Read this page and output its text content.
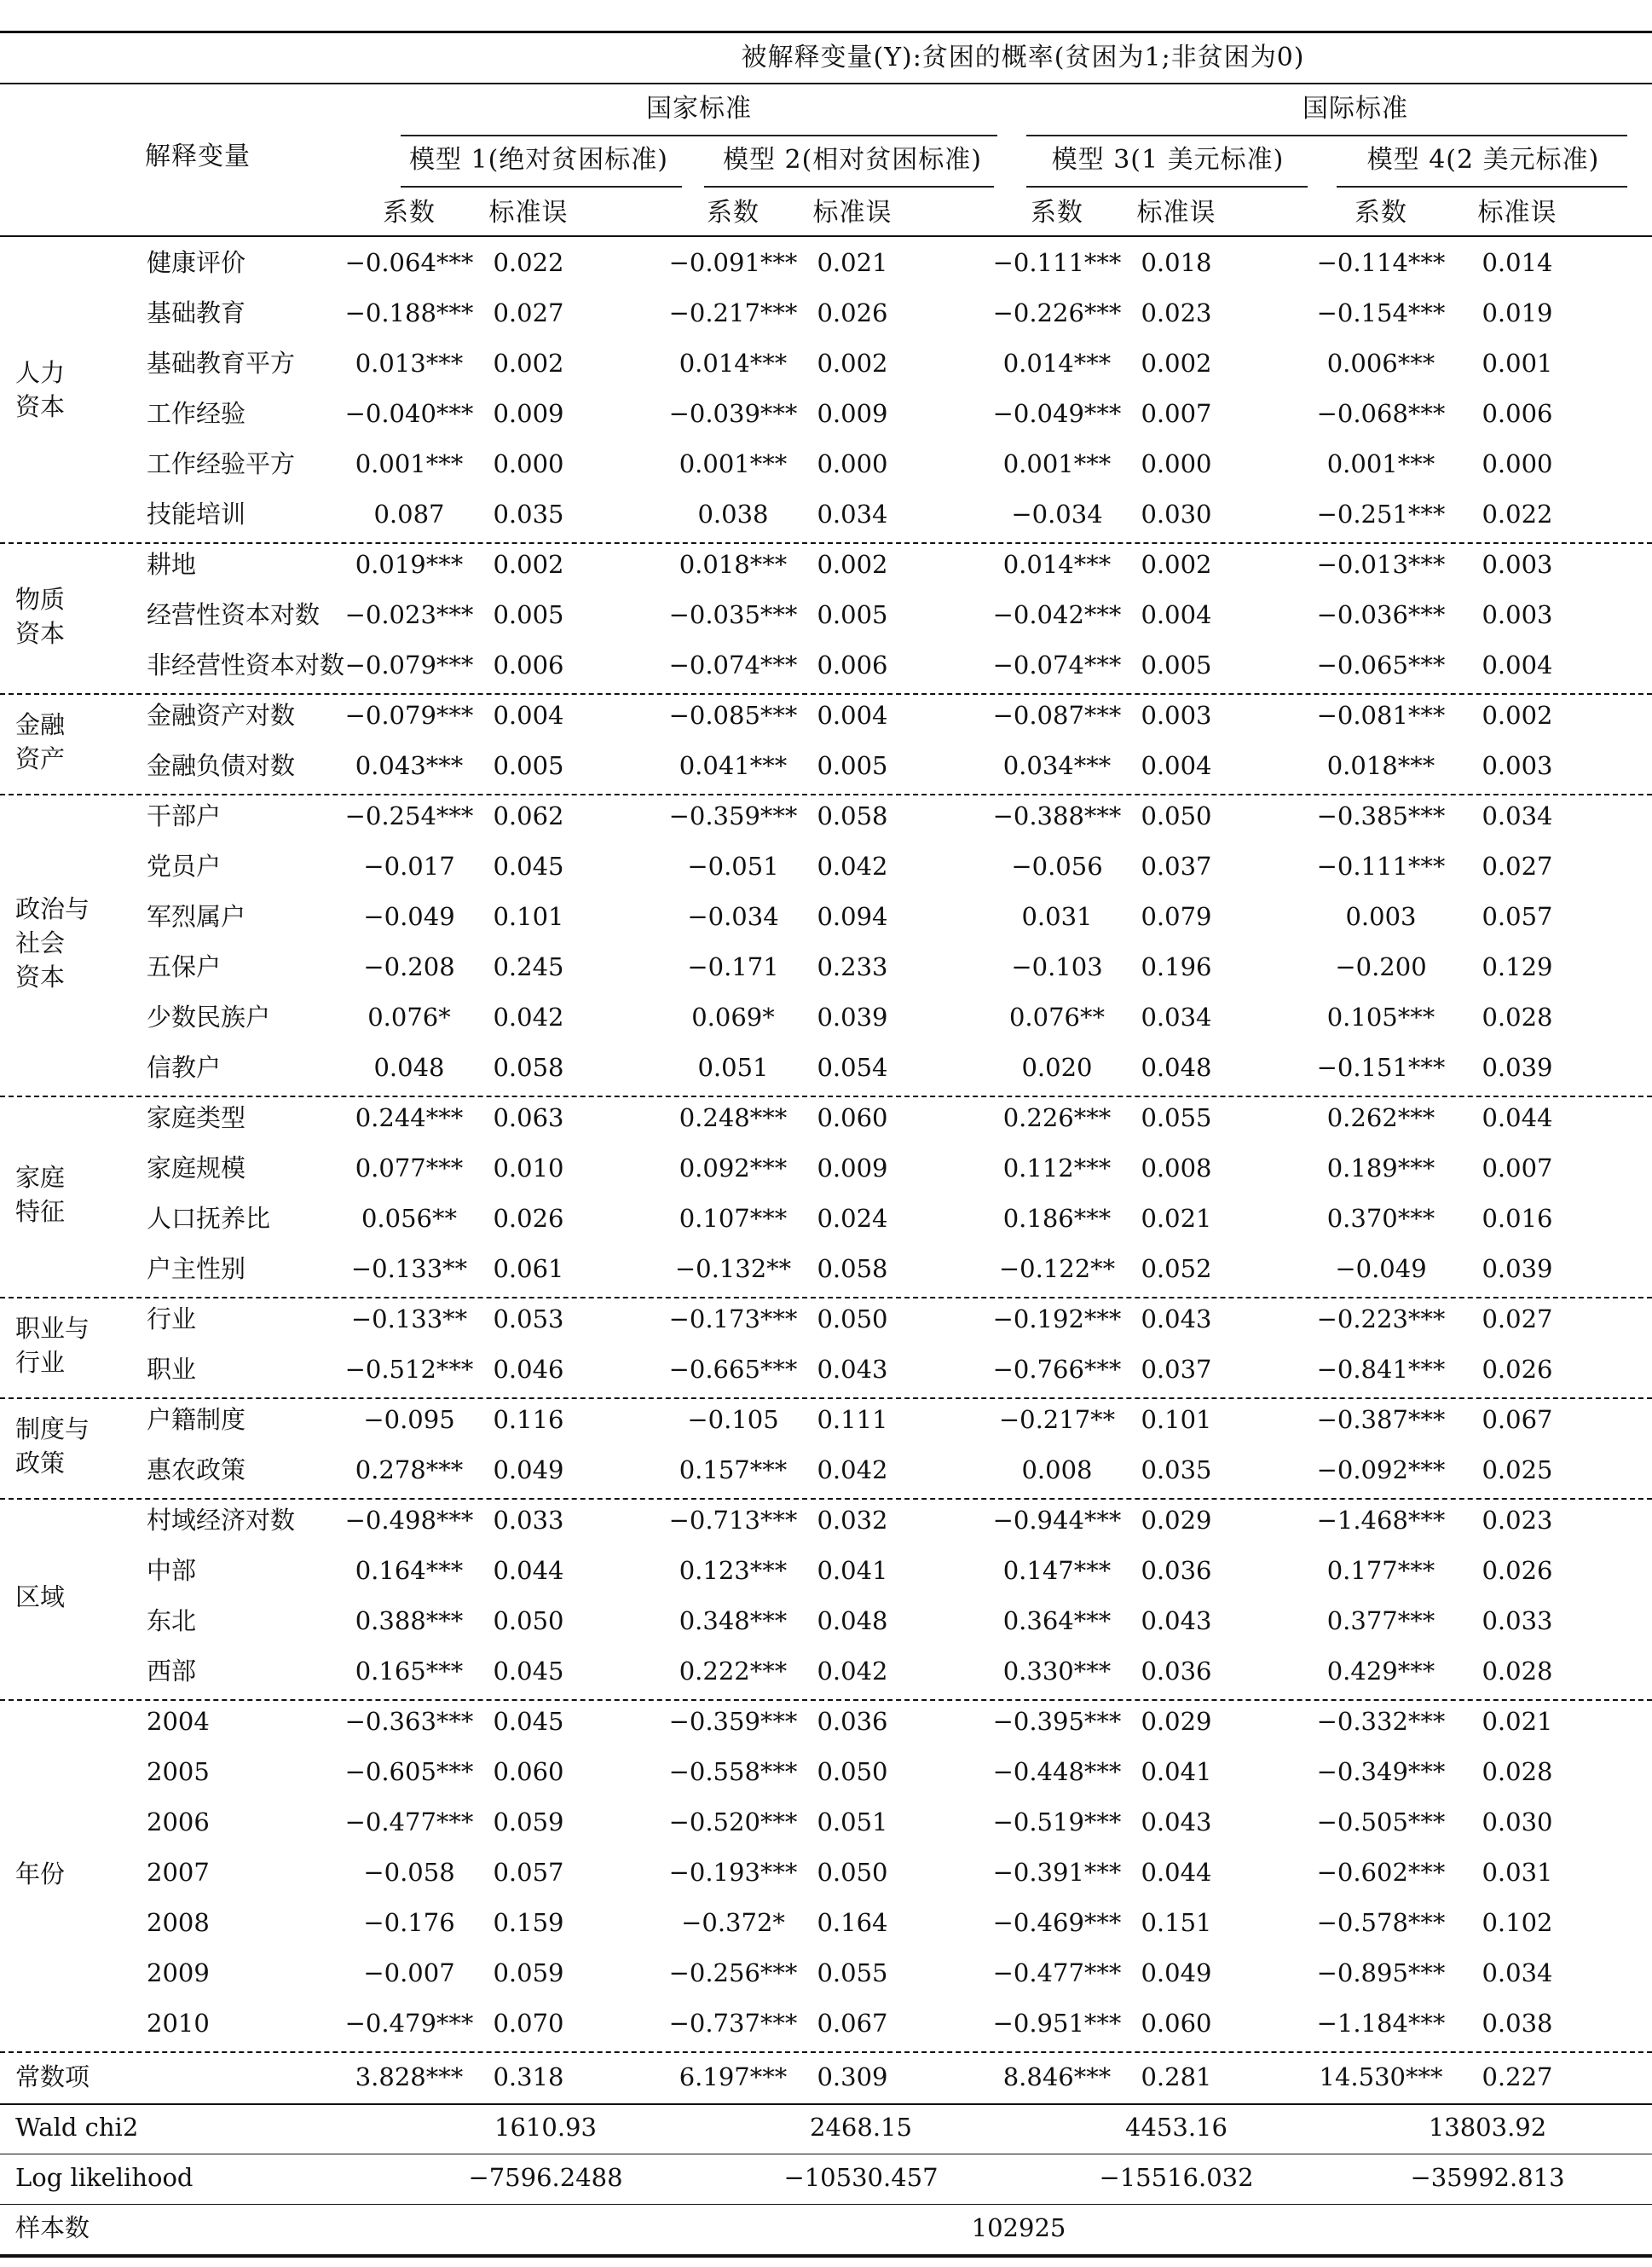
被解释变量(Y):贫困的概率(贫困为1;非贫困为0)
国家标准	国际标准
解释变量	模型 1(绝对贫困标准)	模型 2(相对贫困标准)	模型 3(1 美元标准)	模型 4(2 美元标准)
系数	标准误	系数	标准误	系数	标准误	系数	标准误
健康评价	−0.064*** 0.022	−0.091*** 0.021	−0.111*** 0.018	−0.114***	0.014
基础教育	−0.188*** 0.027	−0.217*** 0.026	−0.226*** 0.023	−0.154***	0.019
基础教育平方	0.013***	0.002	0.014***	0.002	0.014***	0.002	0.006***	0.001
工作经验	−0.040*** 0.009	−0.039*** 0.009	−0.049*** 0.007	−0.068***	0.006
工作经验平方	0.001***	0.000	0.001***	0.000	0.001***	0.000	0.001***	0.000
技能培训	0.087	0.035	0.038	0.034	−0.034	0.030	−0.251***	0.022
人力
资本
耕地	0.019***	0.002	0.018***	0.002	0.014***	0.002	−0.013***	0.003
经营性资本对数	−0.023*** 0.005	−0.035*** 0.005	−0.042*** 0.004	−0.036***	0.003
非经营性资本对数 −0.079*** 0.006	−0.074*** 0.006	−0.074*** 0.005	−0.065***	0.004
物质
资本
金融资产对数	−0.079*** 0.004	−0.085*** 0.004	−0.087*** 0.003	−0.081***	0.002
金融负债对数	0.043***	0.005	0.041***	0.005	0.034***	0.004	0.018***	0.003
金融
资产
干部户	−0.254*** 0.062	−0.359*** 0.058	−0.388*** 0.050	−0.385***	0.034
党员户	−0.017	0.045	−0.051	0.042	−0.056	0.037	−0.111***	0.027
军烈属户	−0.049	0.101	−0.034	0.094	0.031	0.079	0.003	0.057
五保户	−0.208	0.245	−0.171	0.233	−0.103	0.196	−0.200	0.129
少数民族户	0.076*	0.042	0.069*	0.039	0.076**	0.034	0.105***	0.028
信教户	0.048	0.058	0.051	0.054	0.020	0.048	−0.151***	0.039
政治与
社会
资本
家庭类型	0.244***	0.063	0.248***	0.060	0.226***	0.055	0.262***	0.044
家庭规模	0.077***	0.010	0.092***	0.009	0.112***	0.008	0.189***	0.007
人口抚养比	0.056**	0.026	0.107***	0.024	0.186***	0.021	0.370***	0.016
户主性别	−0.133**	0.061	−0.132**	0.058	−0.122**	0.052	−0.049	0.039
家庭
特征
行业	−0.133**	0.053	−0.173*** 0.050	−0.192*** 0.043	−0.223***	0.027
职业	−0.512*** 0.046	−0.665*** 0.043	−0.766*** 0.037	−0.841***	0.026
职业与
行业
户籍制度	−0.095	0.116	−0.105	0.111	−0.217**	0.101	−0.387***	0.067
惠农政策	0.278***	0.049	0.157***	0.042	0.008	0.035	−0.092***	0.025
制度与
政策
村域经济对数	−0.498*** 0.033	−0.713*** 0.032	−0.944*** 0.029	−1.468***	0.023
中部	0.164***	0.044	0.123***	0.041	0.147***	0.036	0.177***	0.026
东北	0.388***	0.050	0.348***	0.048	0.364***	0.043	0.377***	0.033
西部	0.165***	0.045	0.222***	0.042	0.330***	0.036	0.429***	0.028
区域
2004	−0.363*** 0.045	−0.359*** 0.036	−0.395*** 0.029	−0.332***	0.021
2005	−0.605*** 0.060	−0.558*** 0.050	−0.448*** 0.041	−0.349***	0.028
2006	−0.477*** 0.059	−0.520*** 0.051	−0.519*** 0.043	−0.505***	0.030
2007	−0.058	0.057	−0.193*** 0.050	−0.391*** 0.044	−0.602***	0.031
2008	−0.176	0.159	−0.372*	0.164	−0.469*** 0.151	−0.578***	0.102
2009	−0.007	0.059	−0.256*** 0.055	−0.477*** 0.049	−0.895***	0.034
2010	−0.479*** 0.070	−0.737*** 0.067	−0.951*** 0.060	−1.184***	0.038
年份
常数项	3.828***	0.318	6.197***	0.309	8.846***	0.281	14.530***	0.227
Wald chi2	1610.93	2468.15	4453.16	13803.92
Log likelihood	−7596.2488	−10530.457	−15516.032	−35992.813
样本数	102925
